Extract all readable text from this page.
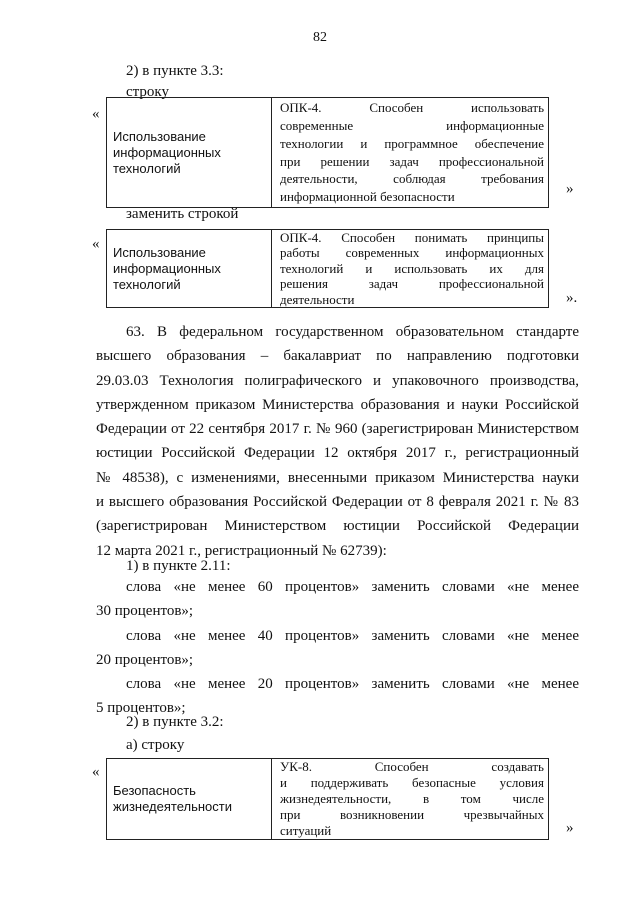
82

2) в пункте 3.3:

строку

«
Использование
информационных
технологий

ОПК-4. Способен использовать
современные информационные
технологии и программное обеспечение
при решении задач профессиональной
деятельности, соблюдая требования
информационной безопасности	»

заменить строкой

« Использование
информационных
технологий

ОПК-4. Способен понимать принципы
работы современных информационных
технологий и использовать их для
решения задач профессиональной
деятельности	».
63. В федеральном государственном образовательном стандарте
высшего образования – бакалавриат по направлению подготовки
29.03.03 Технология полиграфического и упаковочного производства,
утвержденном приказом Министерства образования и науки Российской
Федерации от 22 сентября 2017 г. № 960 (зарегистрирован Министерством
юстиции Российской Федерации 12 октября 2017 г., регистрационный
№ 48538), с изменениями, внесенными приказом Министерства науки
и высшего образования Российской Федерации от 8 февраля 2021 г. № 83
(зарегистрирован Министерством юстиции Российской Федерации
12 марта 2021 г., регистрационный № 62739):

1) в пункте 2.11:

слова «не менее 60 процентов» заменить словами «не менее
30 процентов»;
слова «не менее 40 процентов» заменить словами «не менее
20 процентов»;
слова «не менее 20 процентов» заменить словами «не менее
5 процентов»;

2) в пункте 3.2:

а) строку

«
Безопасность
жизнедеятельности

УК-8. Способен создавать
и поддерживать безопасные условия
жизнедеятельности, в том числе
при возникновении чрезвычайных
ситуаций	»
